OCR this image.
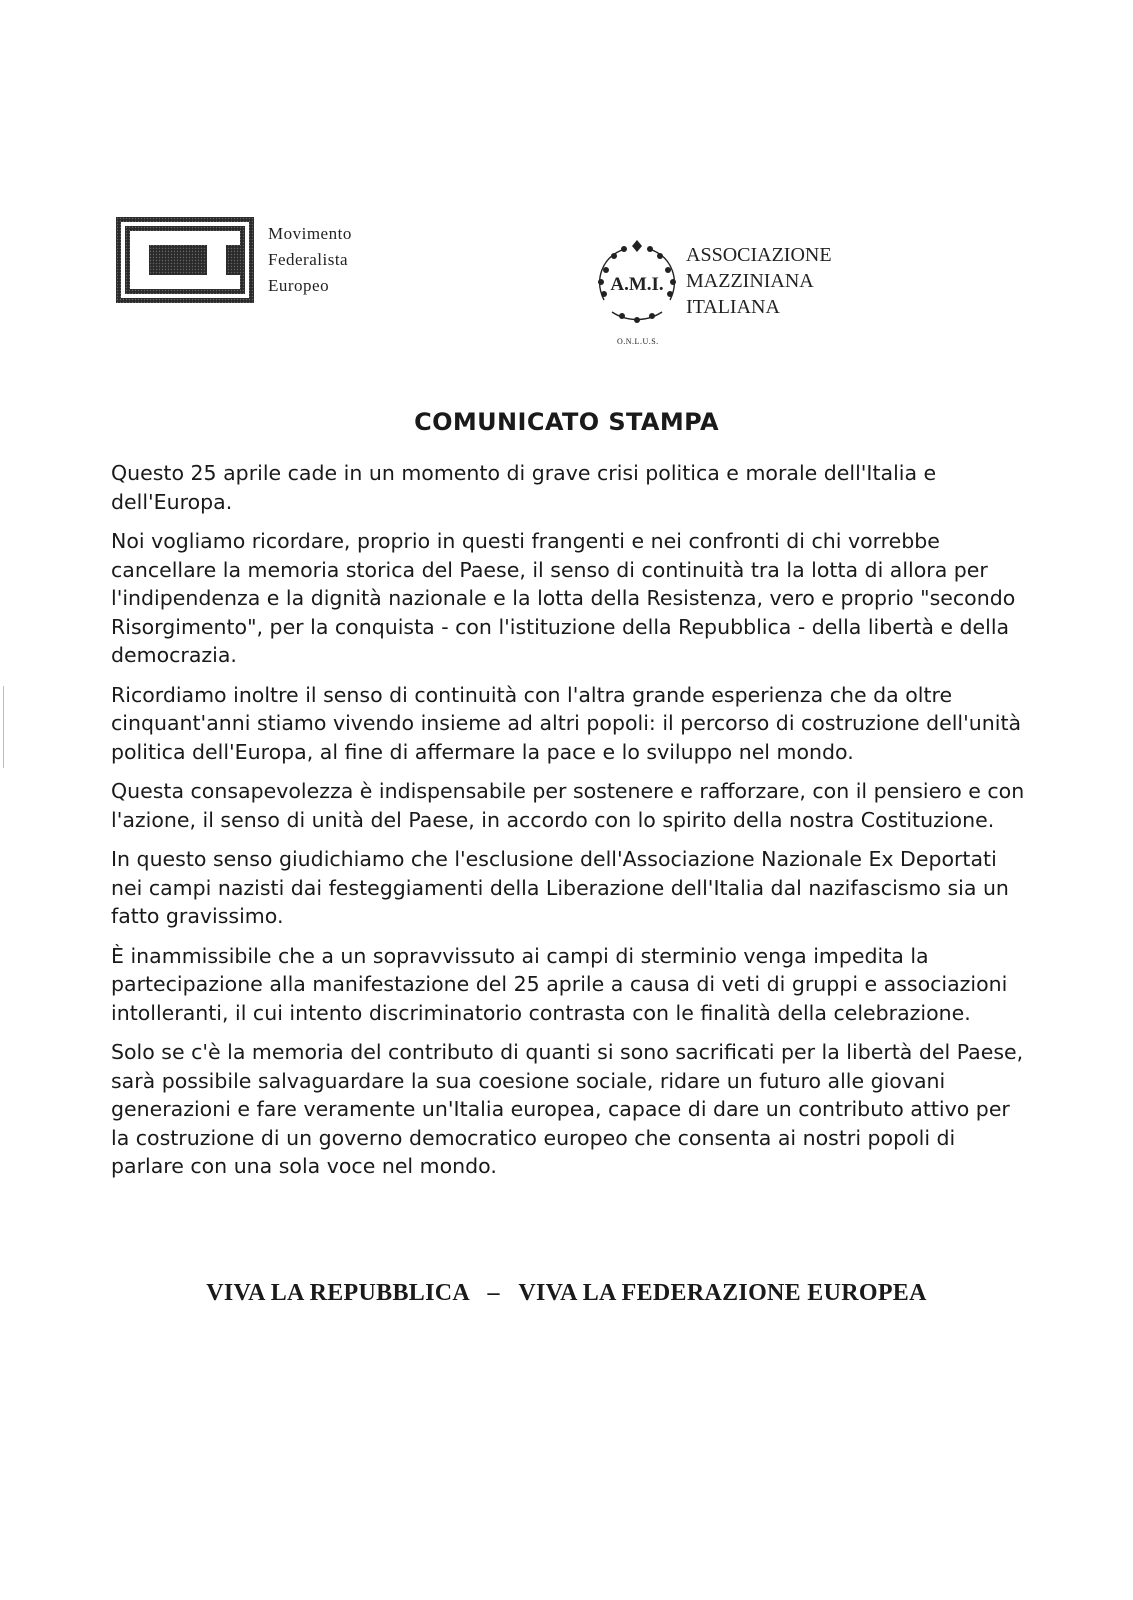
Movimento
Federalista
Europeo	A.M.I.
ASSOCIAZIONE
MAZZINIANA
ITALIANA
O.N.L.U.S.
COMUNICATO STAMPA

Questo 25 aprile cade in un momento di grave crisi politica e morale dell'Italia e dell'Europa.

Noi vogliamo ricordare, proprio in questi frangenti e nei confronti di chi vorrebbe cancellare la memoria storica del Paese, il senso di continuità tra la lotta di allora per l'indipendenza e la dignità nazionale e la lotta della Resistenza, vero e proprio "secondo Risorgimento", per la conquista - con l'istituzione della Repubblica - della libertà e della democrazia.

Ricordiamo inoltre il senso di continuità con l'altra grande esperienza che da oltre cinquant'anni stiamo vivendo insieme ad altri popoli: il percorso di costruzione dell'unità politica dell'Europa, al fine di affermare la pace e lo sviluppo nel mondo.

Questa consapevolezza è indispensabile per sostenere e rafforzare, con il pensiero e con l'azione, il senso di unità del Paese, in accordo con lo spirito della nostra Costituzione.

In questo senso giudichiamo che l'esclusione dell'Associazione Nazionale Ex Deportati nei campi nazisti dai festeggiamenti della Liberazione dell'Italia dal nazifascismo sia un fatto gravissimo.

È inammissibile che a un sopravvissuto ai campi di sterminio venga impedita la partecipazione alla manifestazione del 25 aprile a causa di veti di gruppi e associazioni intolleranti, il cui intento discriminatorio contrasta con le finalità della celebrazione.

Solo se c'è la memoria del contributo di quanti si sono sacrificati per la libertà del Paese, sarà possibile salvaguardare la sua coesione sociale, ridare un futuro alle giovani generazioni e fare veramente un'Italia europea, capace di dare un contributo attivo per la costruzione di un governo democratico europeo che consenta ai nostri popoli di parlare con una sola voce nel mondo.

VIVA LA REPUBBLICA   –   VIVA LA FEDERAZIONE EUROPEA
